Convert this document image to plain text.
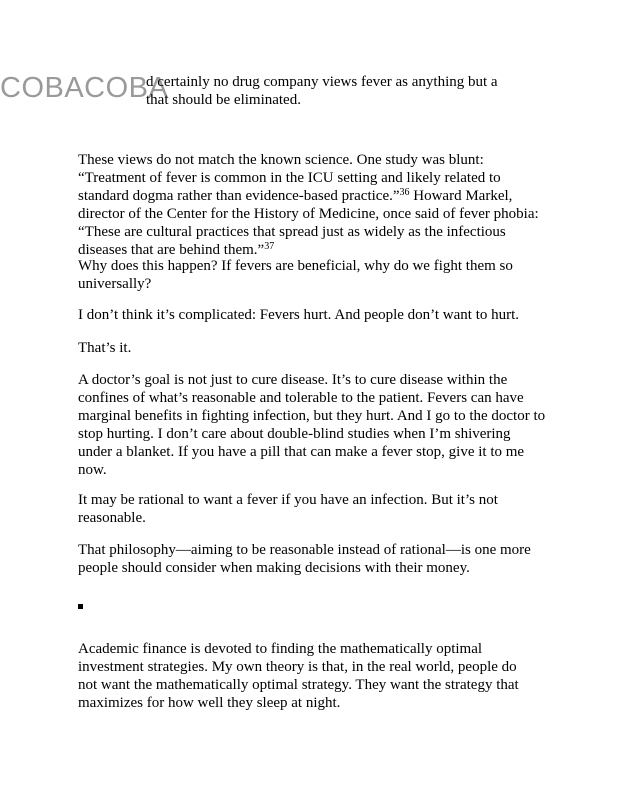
COBACOBA
d certainly no drug company views fever as anything but a
that should be eliminated.

These views do not match the known science. One study was blunt: “Treatment of fever is common in the ICU setting and likely related to standard dogma rather than evidence-based practice.”$^{36}$ Howard Markel, director of the Center for the History of Medicine, once said of fever phobia: “These are cultural practices that spread just as widely as the infectious diseases that are behind them.”$^{37}$

Why does this happen? If fevers are beneficial, why do we fight them so universally?

I don’t think it’s complicated: Fevers hurt. And people don’t want to hurt.

That’s it.

A doctor’s goal is not just to cure disease. It’s to cure disease within the confines of what’s reasonable and tolerable to the patient. Fevers can have marginal benefits in fighting infection, but they hurt. And I go to the doctor to stop hurting. I don’t care about double-blind studies when I’m shivering under a blanket. If you have a pill that can make a fever stop, give it to me now.

It may be rational to want a fever if you have an infection. But it’s not reasonable.

That philosophy—aiming to be reasonable instead of rational—is one more people should consider when making decisions with their money.

Academic finance is devoted to finding the mathematically optimal investment strategies. My own theory is that, in the real world, people do not want the mathematically optimal strategy. They want the strategy that maximizes for how well they sleep at night.
